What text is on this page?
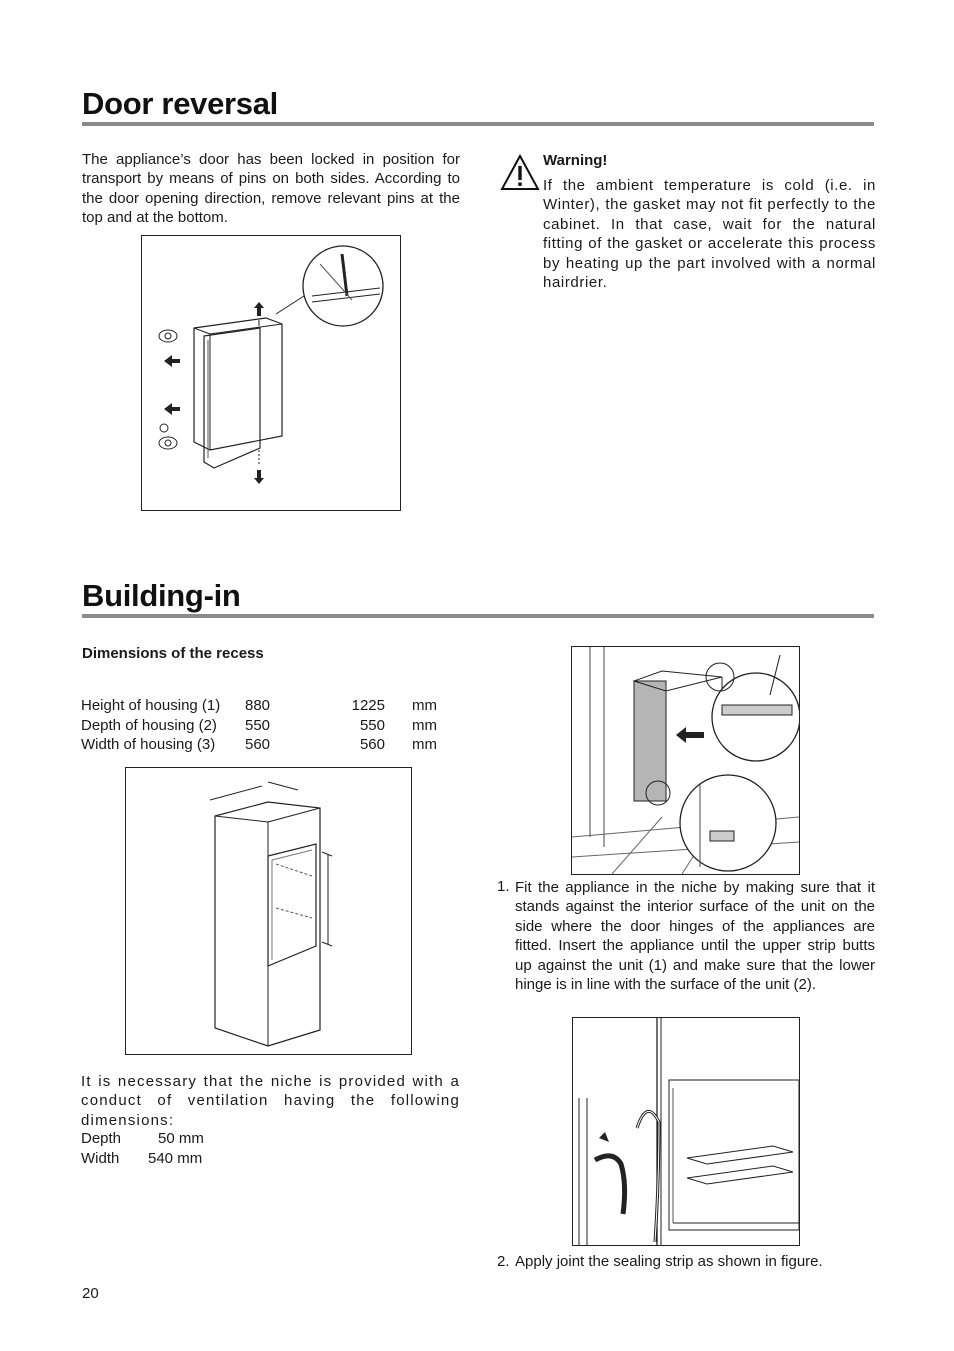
Door reversal

The appliance’s door has been locked in position for transport by means of pins on both sides. According to the door opening direction, remove relevant pins at the top and at the bottom.

Warning!

If the ambient temperature is cold (i.e. in Winter), the gasket may not fit perfectly to the cabinet. In that case, wait for the natural fitting of the gasket or accelerate this process by heating up the part involved with a normal hairdrier.

Building-in
Dimensions of the recess
Height of housing (1)	880	1225		mm
Depth of housing (2)	550	550		mm
Width of housing (3)	560	560		mm

It is necessary that the niche is provided with a conduct of ventilation having the following dimensions:

Depth 50 mm
Width 540 mm
1. Fit the appliance in the niche by making sure that it stands against the interior surface of the unit on the side where the door hinges of the appliances are fitted. Insert the appliance until the upper strip butts up against the unit (1) and make sure that the lower hinge is in line with the surface of the unit (2).

2. Apply joint the sealing strip as shown in figure.
20
